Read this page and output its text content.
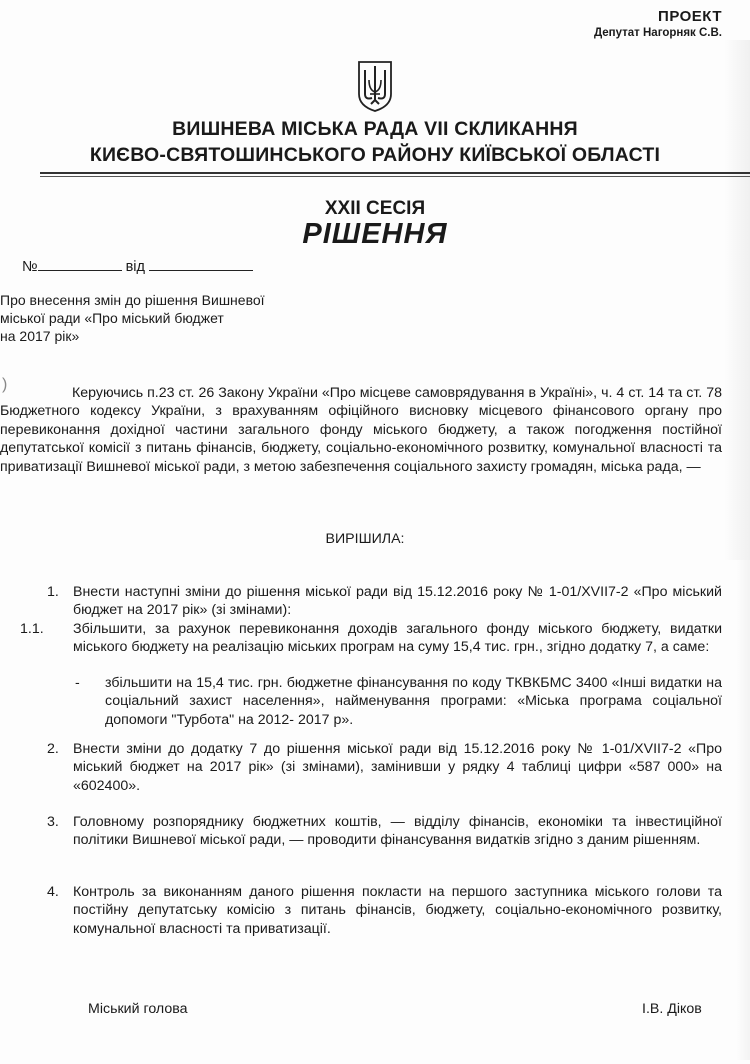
ПРОЕКТ
Депутат Нагорняк С.В.
ВИШНЕВА МІСЬКА РАДА VII СКЛИКАННЯ
КИЄВО-СВЯТОШИНСЬКОГО РАЙОНУ КИЇВСЬКОЇ ОБЛАСТІ
XXII СЕСІЯ
РІШЕННЯ
№	від
Про внесення змін до рішення Вишневої
міської ради «Про міський бюджет
на 2017 рік»
)	Керуючись п.23 ст. 26 Закону України «Про місцеве самоврядування в Україні», ч. 4 ст. 14 та ст. 78 Бюджетного кодексу України, з врахуванням офіційного висновку місцевого фінансового органу про перевиконання дохідної частини загального фонду міського бюджету, а також погодження постійної депутатської комісії з питань фінансів, бюджету, соціально-економічного розвитку, комунальної власності та приватизації Вишневої міської ради, з метою забезпечення соціального захисту громадян, міська рада, —

ВИРІШИЛА:
1. Внести наступні зміни до рішення міської ради від 15.12.2016 року № 1-01/XVII7-2 «Про міський бюджет на 2017 рік» (зі змінами):
1.1. Збільшити, за рахунок перевиконання доходів загального фонду міського бюджету, видатки міського бюджету на реалізацію міських програм на суму 15,4 тис. грн., згідно додатку 7, а саме:
- збільшити на 15,4 тис. грн. бюджетне фінансування по коду ТКВКБМС 3400 «Інші видатки на соціальний захист населення», найменування програми: «Міська програма соціальної допомоги "Турбота" на 2012- 2017 р».
2. Внести зміни до додатку 7 до рішення міської ради від 15.12.2016 року № 1-01/XVII7-2 «Про міський бюджет на 2017 рік» (зі змінами), замінивши у рядку 4 таблиці цифри «587 000» на «602400».
3. Головному розпоряднику бюджетних коштів, — відділу фінансів, економіки та інвестиційної політики Вишневої міської ради, — проводити фінансування видатків згідно з даним рішенням.
4. Контроль за виконанням даного рішення покласти на першого заступника міського голови та постійну депутатську комісію з питань фінансів, бюджету, соціально-економічного розвитку, комунальної власності та приватизації.
Міський голова	І.В. Діков
